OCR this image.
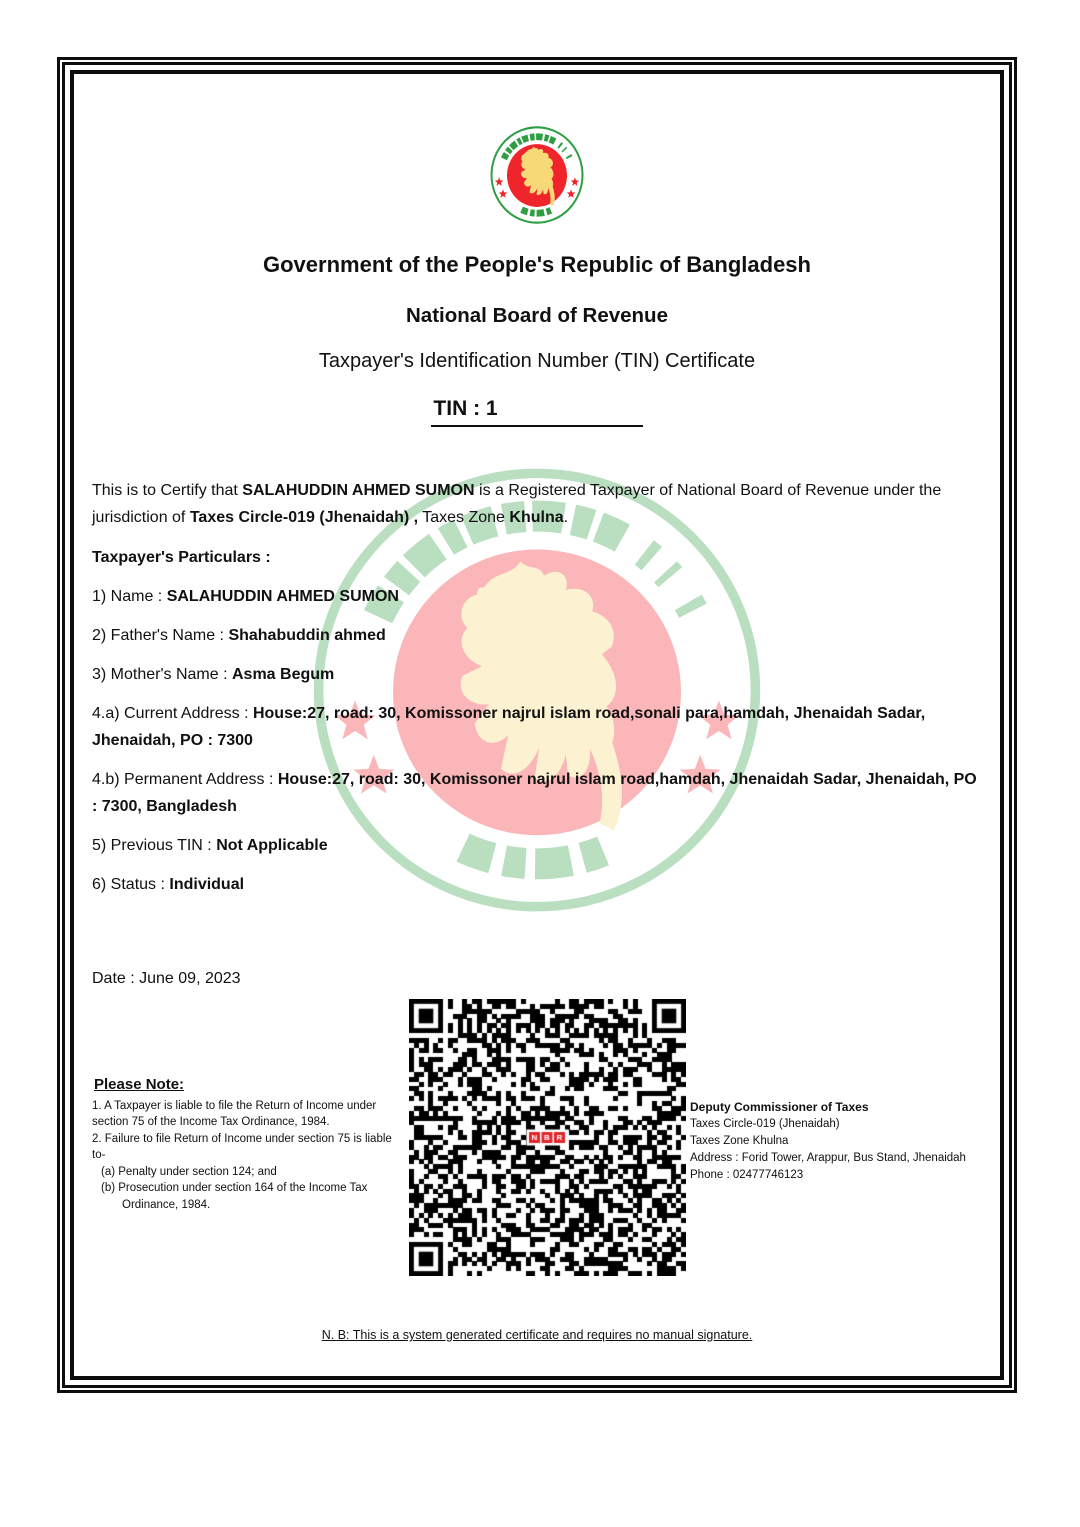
Government of the People's Republic of Bangladesh
National Board of Revenue
Taxpayer's Identification Number (TIN) Certificate
TIN : 1

This is to Certify that SALAHUDDIN AHMED SUMON is a Registered Taxpayer of National Board of Revenue under the jurisdiction of Taxes Circle-019 (Jhenaidah) , Taxes Zone Khulna.

Taxpayer's Particulars :

1) Name : SALAHUDDIN AHMED SUMON

2) Father's Name : Shahabuddin ahmed

3) Mother's Name : Asma Begum

4.a) Current Address : House:27, road: 30, Komissoner najrul islam road,sonali para,hamdah, Jhenaidah Sadar, Jhenaidah, PO : 7300

4.b) Permanent Address : House:27, road: 30, Komissoner najrul islam road,hamdah, Jhenaidah Sadar, Jhenaidah, PO : 7300, Bangladesh

5) Previous TIN : Not Applicable

6) Status : Individual

Date : June 09, 2023

Please Note:

1. A Taxpayer is liable to file the Return of Income under section 75 of the Income Tax Ordinance, 1984.

2. Failure to file Return of Income under section 75 is liable to-

(a) Penalty under section 124; and

(b) Prosecution under section 164 of the Income Tax Ordinance, 1984.

Deputy Commissioner of Taxes
Taxes Circle-019 (Jhenaidah)
Taxes Zone Khulna
Address : Forid Tower, Arappur, Bus Stand, Jhenaidah
Phone : 02477746123
N. B: This is a system generated certificate and requires no manual signature.
